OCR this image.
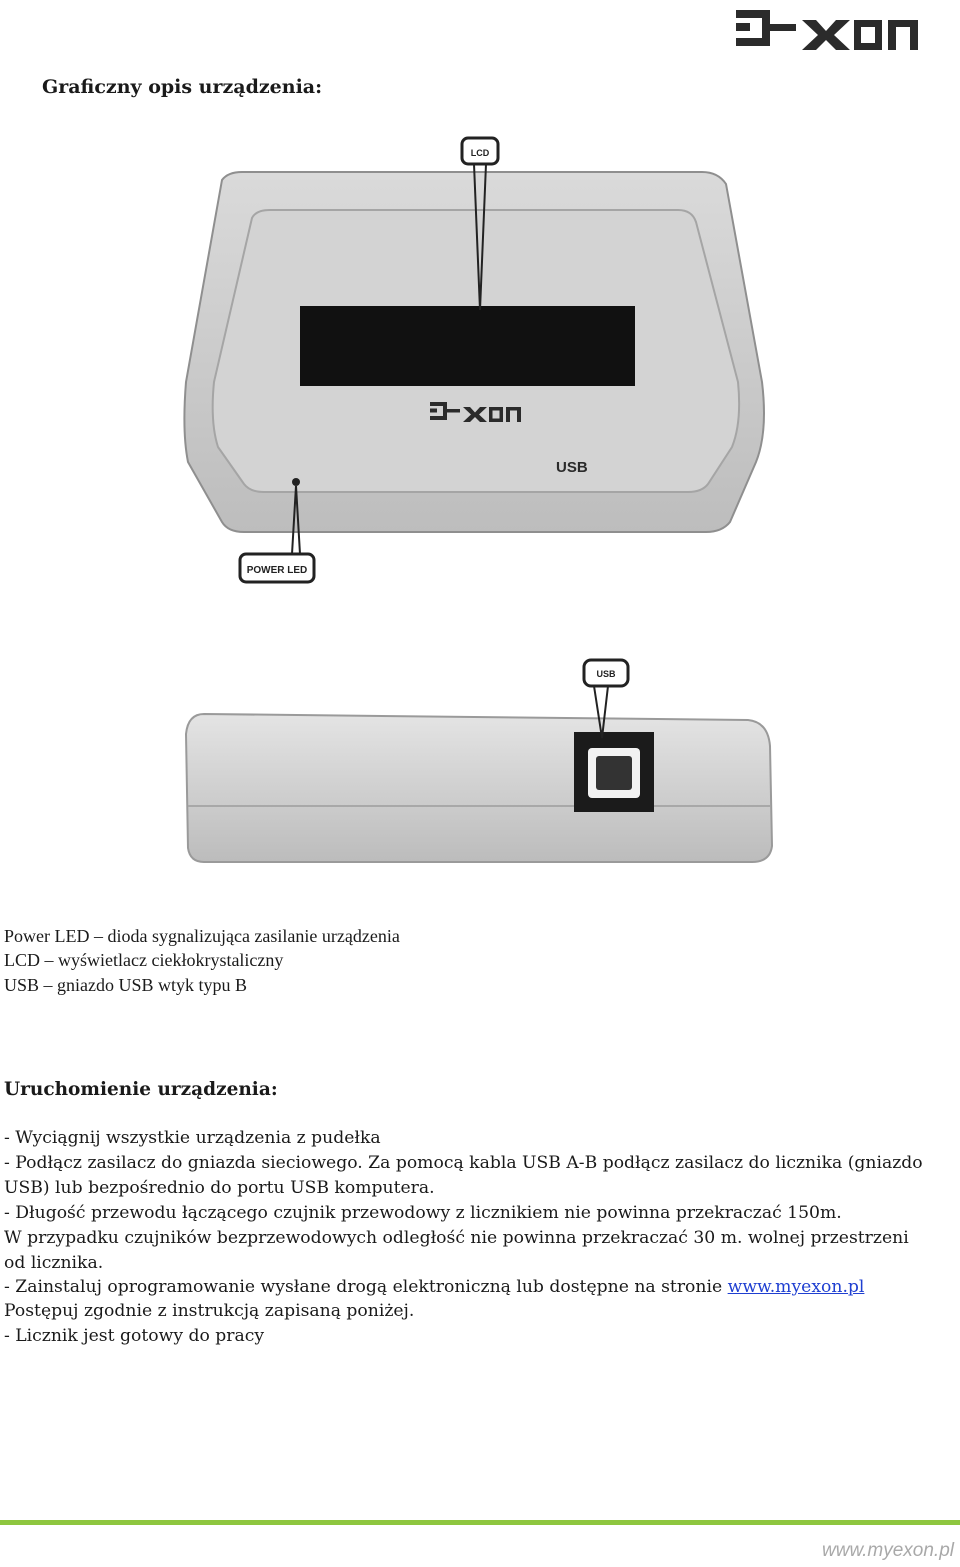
Graficzny opis urządzenia:
USB
LCD
POWER LED
USB
Power LED – dioda sygnalizująca zasilanie urządzenia
LCD – wyświetlacz ciekłokrystaliczny
USB – gniazdo USB wtyk typu B
Uruchomienie urządzenia:
- Wyciągnij wszystkie urządzenia z pudełka
- Podłącz zasilacz do gniazda sieciowego. Za pomocą kabla USB A-B podłącz zasilacz do licznika (gniazdo
USB) lub bezpośrednio do portu USB komputera.
- Długość przewodu łączącego czujnik przewodowy z licznikiem nie powinna przekraczać 150m.
W przypadku czujników bezprzewodowych odległość nie powinna przekraczać 30 m. wolnej przestrzeni
od licznika.
- Zainstaluj oprogramowanie wysłane drogą elektroniczną lub dostępne na stronie www.myexon.pl
Postępuj zgodnie z instrukcją zapisaną poniżej.
- Licznik jest gotowy do pracy
www.myexon.pl
